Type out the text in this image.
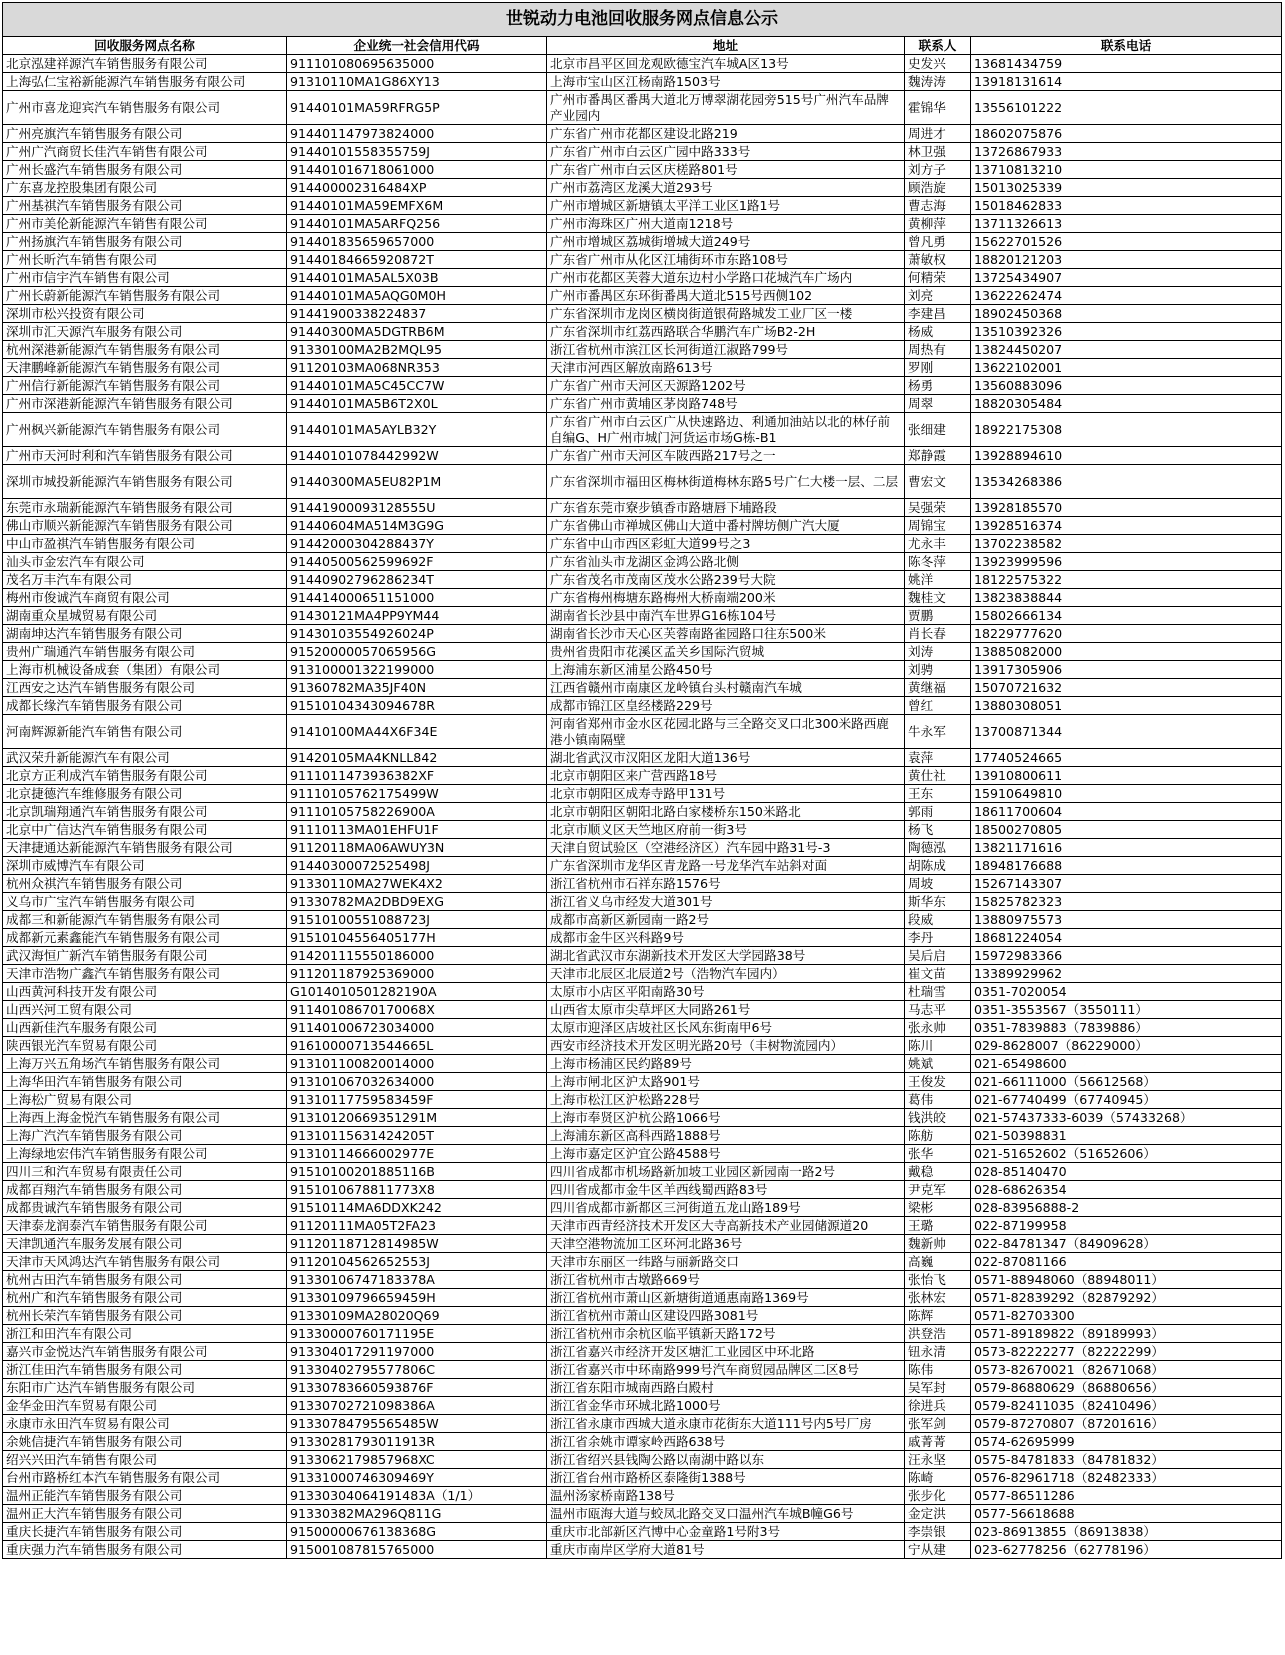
世锐动力电池回收服务网点信息公示				
回收服务网点名称	企业统一社会信用代码	地址	联系人	联系电话
北京泓建祥源汽车销售服务有限公司	911101080695635000	北京市昌平区回龙观欧德宝汽车城A区13号	史发兴	13681434759
上海弘仁宝裕新能源汽车销售服务有限公司	91310110MA1G86XY13	上海市宝山区江杨南路1503号	魏涛涛	13918131614
广州市喜龙迎宾汽车销售服务有限公司	91440101MA59RFRG5P	广州市番禺区番禺大道北万博翠湖花园旁515号广州汽车品牌产业园内	霍锦华	13556101222
广州亮旗汽车销售服务有限公司	914401147973824000	广东省广州市花都区建设北路219	周进才	18602075876
广州广汽商贸长佳汽车销售有限公司	91440101558355759J	广东省广州市白云区广园中路333号	林卫强	13726867933
广州长盛汽车销售服务有限公司	914401016718061000	广东省广州市白云区庆槎路801号	刘方子	13710813210
广东喜龙控股集团有限公司	914400002316484XP	广州市荔湾区龙溪大道293号	顾浩旋	15013025339
广州基祺汽车销售服务有限公司	91440101MA59EMFX6M	广州市增城区新塘镇太平洋工业区1路1号	曹志海	15018462833
广州市美伦新能源汽车销售有限公司	91440101MA5ARFQ256	广州市海珠区广州大道南1218号	黄柳萍	13711326613
广州扬旗汽车销售服务有限公司	914401835659657000	广州市增城区荔城街增城大道249号	曾凡勇	15622701526
广州长昕汽车销售有限公司	91440184665920872T	广东省广州市从化区江埔街环市东路108号	萧敏权	18820121203
广州市信宇汽车销售有限公司	91440101MA5AL5X03B	广州市花都区芙蓉大道东边村小学路口花城汽车广场内	何精荣	13725434907
广州长蔚新能源汽车销售服务有限公司	91440101MA5AQG0M0H	广州市番禺区东环街番禺大道北515号西侧102	刘亮	13622262474
深圳市松兴投资有限公司	91441900338224837	广东省深圳市龙岗区横岗街道银荷路城发工业厂区一楼	李建昌	18902450368
深圳市汇天源汽车服务有限公司	91440300MA5DGTRB6M	广东省深圳市红荔西路联合华鹏汽车广场B2-2H	杨威	13510392326
杭州深港新能源汽车销售服务有限公司	91330100MA2B2MQL95	浙江省杭州市滨江区长河街道江淑路799号	周热有	13824450207
天津鹏峰新能源汽车销售服务有限公司	91120103MA068NR353	天津市河西区解放南路613号	罗刚	13622102001
广州信行新能源汽车销售服务有限公司	91440101MA5C45CC7W	广东省广州市天河区天源路1202号	杨勇	13560883096
广州市深港新能源汽车销售服务有限公司	91440101MA5B6T2X0L	广东省广州市黄埔区茅岗路748号	周翠	18820305484
广州枫兴新能源汽车销售服务有限公司	91440101MA5AYLB32Y	广东省广州市白云区广从快速路边、利通加油站以北的林仔前自编G、H广州市城门河货运市场G栋-B1	张细建	18922175308
广州市天河时利和汽车销售服务有限公司	91440101078442992W	广东省广州市天河区车陂西路217号之一	郑静霞	13928894610
深圳市城投新能源汽车销售服务有限公司	91440300MA5EU82P1M	广东省深圳市福田区梅林街道梅林东路5号广仁大楼一层、二层	曹宏文	13534268386
东莞市永瑞新能源汽车销售服务有限公司	91441900093128555U	广东省东莞市寮步镇香市路塘唇下埔路段	吴强荣	13928185570
佛山市顺兴新能源汽车销售服务有限公司	91440604MA514M3G9G	广东省佛山市禅城区佛山大道中番村牌坊侧广汽大厦	周锦宝	13928516374
中山市盈祺汽车销售服务有限公司	91442000304288437Y	广东省中山市西区彩虹大道99号之3	尤永丰	13702238582
汕头市金宏汽车有限公司	91440500562599692F	广东省汕头市龙湖区金鸿公路北侧	陈冬萍	13923999596
茂名万丰汽车有限公司	91440902796286234T	广东省茂名市茂南区茂水公路239号大院	姚洋	18122575322
梅州市俊诚汽车商贸有限公司	914414000651151000	广东省梅州梅塘东路梅州大桥南端200米	魏桂文	13823838844
湖南重众星城贸易有限公司	91430121MA4PP9YM44	湖南省长沙县中南汽车世界G16栋104号	贾鹏	15802666134
湖南坤达汽车销售服务有限公司	91430103554926024P	湖南省长沙市天心区芙蓉南路雀园路口往东500米	肖长春	18229777620
贵州广瑞通汽车销售服务有限公司	91520000057065956G	贵州省贵阳市花溪区孟关乡国际汽贸城	刘涛	13885082000
上海市机械设备成套（集团）有限公司	913100001322199000	上海浦东新区浦星公路450号	刘骋	13917305906
江西安之达汽车销售服务有限公司	91360782MA35JF40N	江西省赣州市南康区龙岭镇台头村赣南汽车城	黄继福	15070721632
成都长缘汽车销售服务有限公司	91510104343094678R	成都市锦江区皇经楼路229号	曾红	13880308051
河南辉源新能汽车销售有限公司	91410100MA44X6F34E	河南省郑州市金水区花园北路与三全路交叉口北300米路西鹿港小镇南隔壁	牛永军	13700871344
武汉荣升新能源汽车有限公司	91420105MA4KNLL842	湖北省武汉市汉阳区龙阳大道136号	袁萍	17740524665
北京方正利成汽车销售服务有限公司	9111011473936382XF	北京市朝阳区来广营西路18号	黄仕社	13910800611
北京捷德汽车维修服务有限公司	91110105762175499W	北京市朝阳区成寿寺路甲131号	王东	15910649810
北京凯瑞翔通汽车销售服务有限公司	91110105758226900A	北京市朝阳区朝阳北路白家楼桥东150米路北	郭雨	18611700604
北京中广信达汽车销售服务有限公司	91110113MA01EHFU1F	北京市顺义区天竺地区府前一街3号	杨飞	18500270805
天津捷通达新能源汽车销售服务有限公司	91120118MA06AWUY3N	天津自贸试验区（空港经济区）汽车园中路31号-3	陶德泓	13821171616
深圳市威博汽车有限公司	91440300072525498J	广东省深圳市龙华区青龙路一号龙华汽车站斜对面	胡陈成	18948176688
杭州众祺汽车销售服务有限公司	91330110MA27WEK4X2	浙江省杭州市石祥东路1576号	周坡	15267143307
义乌市广宝汽车销售服务有限公司	91330782MA2DBD9EXG	浙江省义乌市经发大道301号	斯华东	15825782323
成都三和新能源汽车销售服务有限公司	91510100551088723J	成都市高新区新园南一路2号	段威	13880975573
成都新元素鑫能汽车销售服务有限公司	91510104556405177H	成都市金牛区兴科路9号	李丹	18681224054
武汉海恒广新汽车销售服务有限公司	914201115550186000	湖北省武汉市东湖新技术开发区大学园路38号	吴后启	15972983366
天津市浩物广鑫汽车销售服务有限公司	911201187925369000	天津市北辰区北辰道2号（浩物汽车园内）	崔文苗	13389929962
山西黄河科技开发有限公司	G1014010501282190A	太原市小店区平阳南路30号	杜瑞雪	0351-7020054
山西兴河工贸有限公司	91140108670170068X	山西省太原市尖草坪区大同路261号	马志平	0351-3553567（3550111）
山西新佳汽车服务有限公司	911401006723034000	太原市迎泽区店坡社区长风东街南甲6号	张永帅	0351-7839883（7839886）
陕西银光汽车贸易有限公司	91610000713544665L	西安市经济技术开发区明光路20号（丰树物流园内）	陈川	029-8628007（86229000）
上海万兴五角场汽车销售服务有限公司	913101100820014000	上海市杨浦区民约路89号	姚斌	021-65498600
上海华田汽车销售服务有限公司	913101067032634000	上海市闸北区沪太路901号	王俊发	021-66111000（56612568）
上海松广贸易有限公司	91310117759583459F	上海市松江区沪松路228号	葛伟	021-67740499（67740945）
上海西上海金悦汽车销售服务有限公司	91310120669351291M	上海市奉贤区沪杭公路1066号	钱洪皎	021-57437333-6039（57433268）
上海广汽汽车销售服务有限公司	91310115631424205T	上海浦东新区高科西路1888号	陈舫	021-50398831
上海绿地宏伟汽车销售服务有限公司	91310114666002977E	上海市嘉定区沪宜公路4588号	张华	021-51652602（51652606）
四川三和汽车贸易有限责任公司	91510100201885116B	四川省成都市机场路新加坡工业园区新园南一路2号	戴稳	028-85140470
成都百翔汽车销售服务有限公司	9151010678811773X8	四川省成都市金牛区羊西线蜀西路83号	尹克军	028-68626354
成都贵诚汽车销售服务有限公司	91510114MA6DDXK242	四川省成都市新都区三河街道五龙山路189号	梁彬	028-83956888-2
天津泰龙润泰汽车销售服务有限公司	91120111MA05T2FA23	天津市西青经济技术开发区大寺高新技术产业园储源道20	王璐	022-87199958
天津凯通汽车服务发展有限公司	91120118712814985W	天津空港物流加工区环河北路36号	魏新帅	022-84781347（84909628）
天津市天风鸿达汽车销售服务有限公司	91120104562652553J	天津市东丽区一纬路与丽新路交口	高巍	022-87081166
杭州古田汽车销售服务有限公司	91330106747183378A	浙江省杭州市古墩路669号	张怡飞	0571-88948060（88948011）
杭州广和汽车销售服务有限公司	91330109796659459H	浙江省杭州市萧山区新塘街道通惠南路1369号	张林宏	0571-82839292（82879292）
杭州长荣汽车销售服务有限公司	91330109MA28020Q69	浙江省杭州市萧山区建设四路3081号	陈辉	0571-82703300
浙江和田汽车有限公司	91330000760171195E	浙江省杭州市余杭区临平镇新天路172号	洪登浩	0571-89189822（89189993）
嘉兴市金悦达汽车销售服务有限公司	913304017291197000	浙江省嘉兴市经济开发区塘汇工业园区中环北路	钮永清	0573-82222277（82222299）
浙江佳田汽车销售服务有限公司	91330402795577806C	浙江省嘉兴市中环南路999号汽车商贸园品牌区二区8号	陈伟	0573-82670021（82671068）
东阳市广达汽车销售服务有限公司	91330783660593876F	浙江省东阳市城南西路白殿村	吴军封	0579-86880629（86880656）
金华金田汽车贸易有限公司	91330702721098386A	浙江省金华市环城北路1000号	徐进兵	0579-82411035（82410496）
永康市永田汽车贸易有限公司	91330784795565485W	浙江省永康市西城大道永康市花街东大道111号内5号厂房	张军剑	0579-87270807（87201616）
余姚信捷汽车销售服务有限公司	91330281793011913R	浙江省余姚市谭家岭西路638号	戚菁菁	0574-62695999
绍兴兴田汽车销售有限公司	9133062179857968XC	浙江省绍兴县钱陶公路以南湖中路以东	汪永坚	0575-84781833（84781832）
台州市路桥红本汽车销售服务有限公司	91331000746309469Y	浙江省台州市路桥区泰隆街1388号	陈崎	0576-82961718（82482333）
温州正能汽车销售服务有限公司	91330304064191483A（1/1）	温州汤家桥南路138号	张步化	0577-86511286
温州正大汽车销售服务有限公司	91330382MA296Q811G	温州市瓯海大道与蛟凤北路交叉口温州汽车城B幢G6号	金定洪	0577-56618688
重庆长捷汽车销售服务有限公司	91500000676138368G	重庆市北部新区汽博中心金童路1号附3号	李崇银	023-86913855（86913838）
重庆强力汽车销售服务有限公司	915001087815765000	重庆市南岸区学府大道81号	宁从建	023-62778256（62778196）
